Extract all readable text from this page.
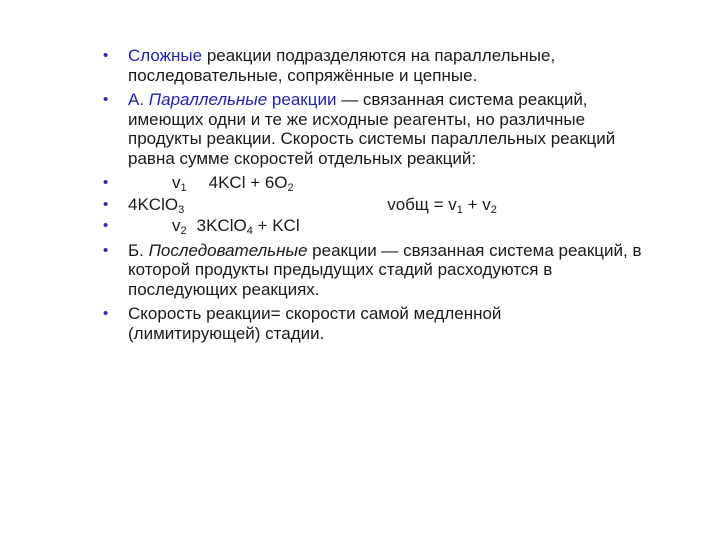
• Сложные реакции подразделяются на параллельные,
последовательные, сопряжённые и цепные.
• А. Параллельные реакции — связанная система реакций,
имеющих одни и те же исходные реагенты, но различные
продукты реакции. Скорость системы параллельных реакций
равна сумме скоростей отдельных реакций:
•	$v_1$ $4KCl + 6O_2$
• 4KClO$_3$	vобщ = $v_1 + v_2$
•	$v_2$ 3KClO$_4$ + KCl
• Б. Последовательные реакции — связанная система реакций, в
которой продукты предыдущих стадий расходуются в
последующих реакциях.
• Скорость реакции= скорости самой медленной
(лимитирующей) стадии.
